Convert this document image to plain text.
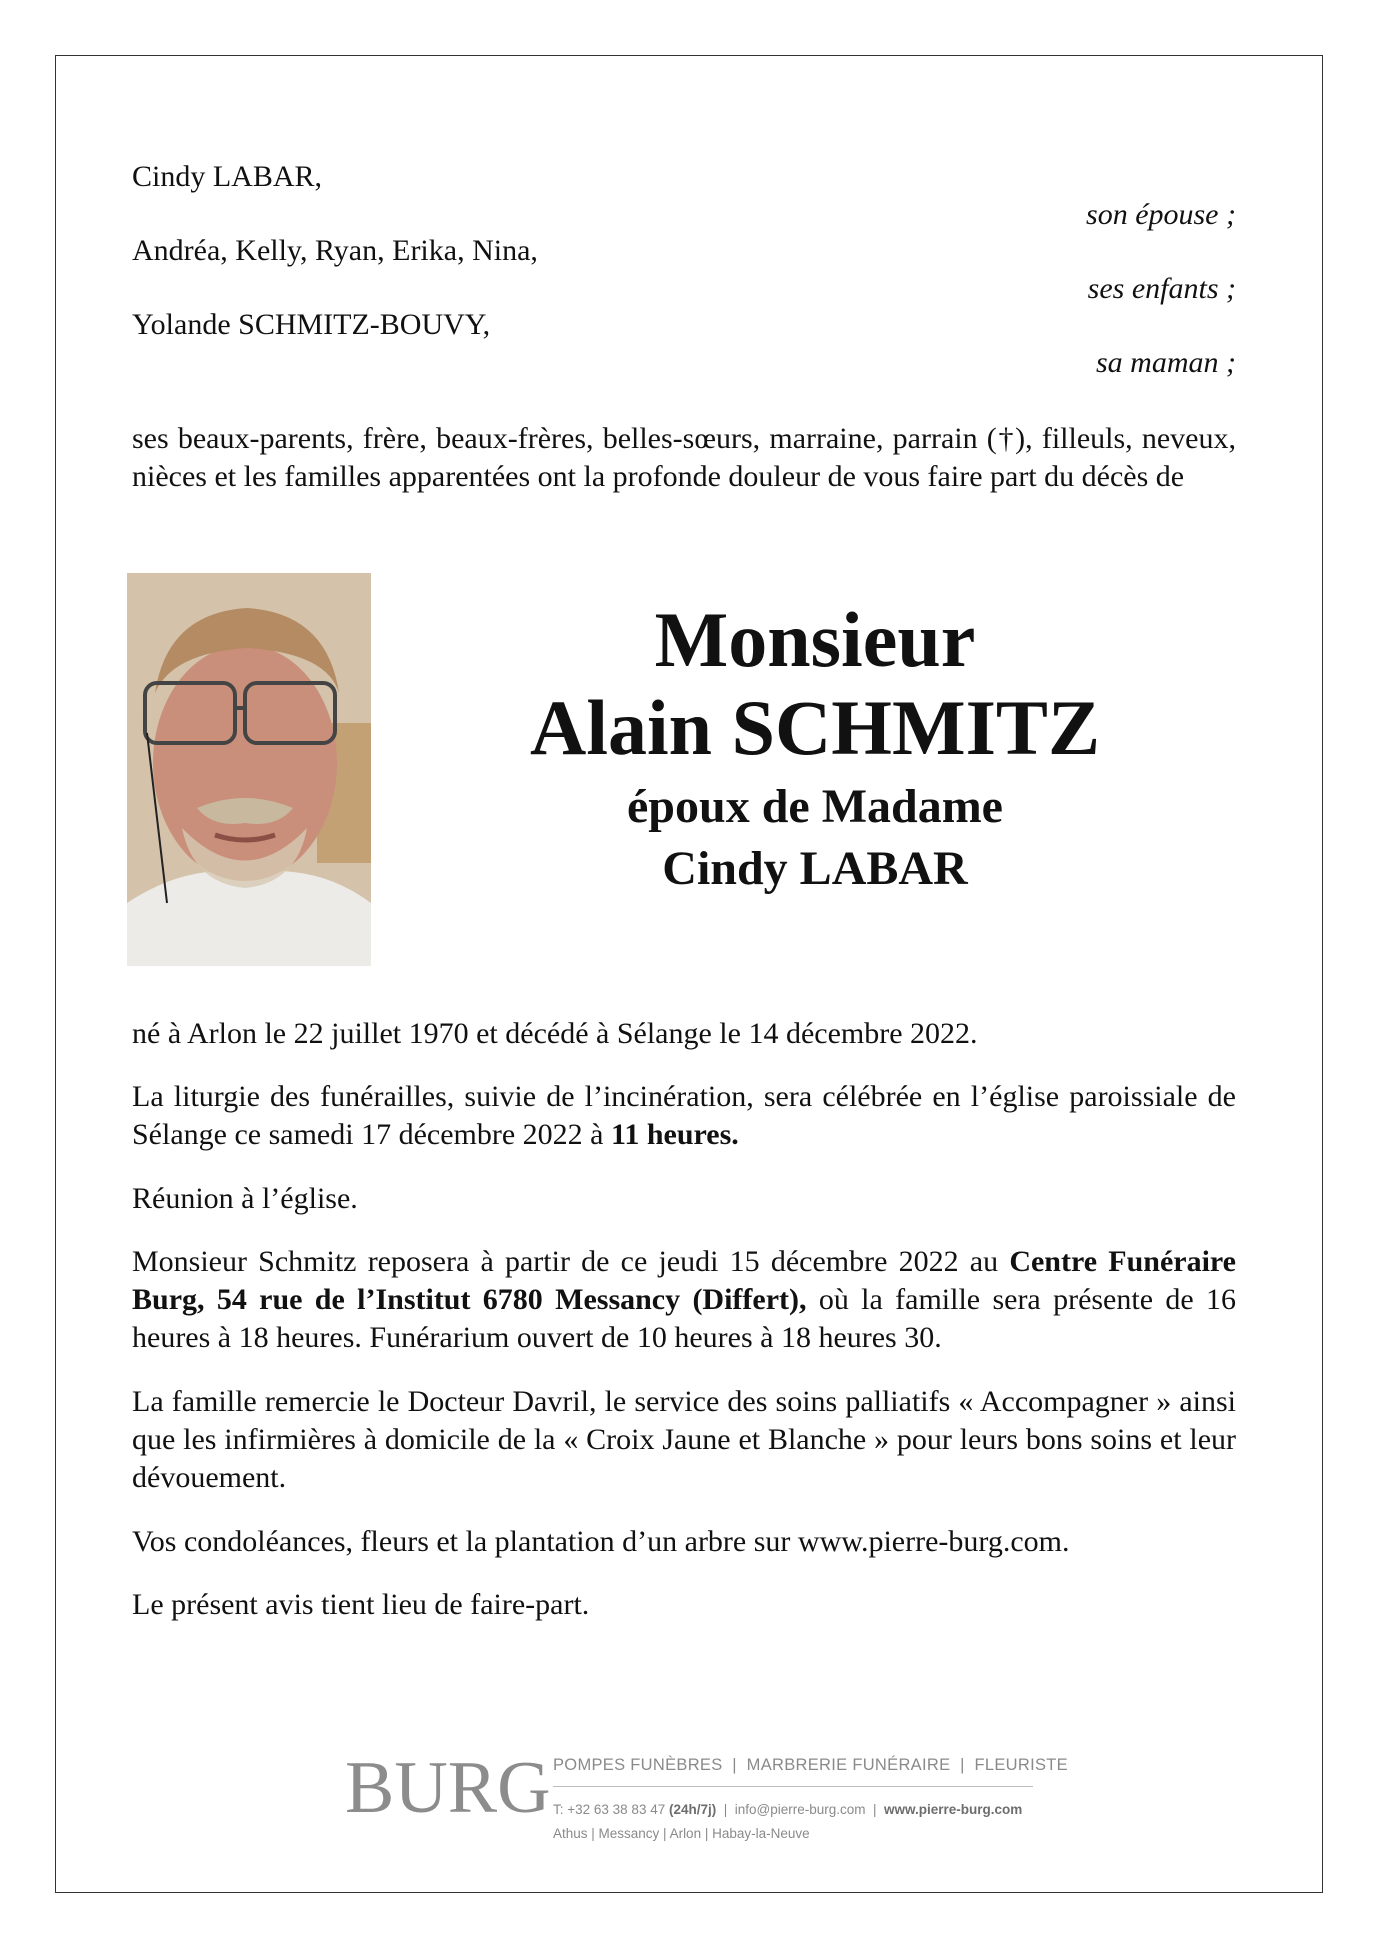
Cindy LABAR,
son épouse ;
Andréa, Kelly, Ryan, Erika, Nina,
ses enfants ;
Yolande SCHMITZ-BOUVY,
sa maman ;

ses beaux-parents, frère, beaux-frères, belles-sœurs, marraine, parrain (†), filleuls, neveux, nièces et les familles apparentées ont la profonde douleur de vous faire part du décès de

Monsieur
Alain SCHMITZ
époux de Madame
Cindy LABAR

né à Arlon le 22 juillet 1970 et décédé à Sélange le 14 décembre 2022.

La liturgie des funérailles, suivie de l’incinération, sera célébrée en l’église paroissiale de Sélange ce samedi 17 décembre 2022 à 11 heures.

Réunion à l’église.

Monsieur Schmitz reposera à partir de ce jeudi 15 décembre 2022 au Centre Funéraire Burg, 54 rue de l’Institut 6780 Messancy (Differt), où la famille sera présente de 16 heures à 18 heures. Funérarium ouvert de 10 heures à 18 heures 30.

La famille remercie le Docteur Davril, le service des soins palliatifs « Accompagner » ainsi que les infirmières à domicile de la « Croix Jaune et Blanche » pour leurs bons soins et leur dévouement.

Vos condoléances, fleurs et la plantation d’un arbre sur www.pierre-burg.com.

Le présent avis tient lieu de faire-part.

BURG POMPES FUNÈBRES  |  MARBRERIE FUNÉRAIRE  |  FLEURISTE
T: +32 63 38 83 47 (24h/7j)  |  info@pierre-burg.com  |  www.pierre-burg.com
Athus | Messancy | Arlon | Habay-la-Neuve
